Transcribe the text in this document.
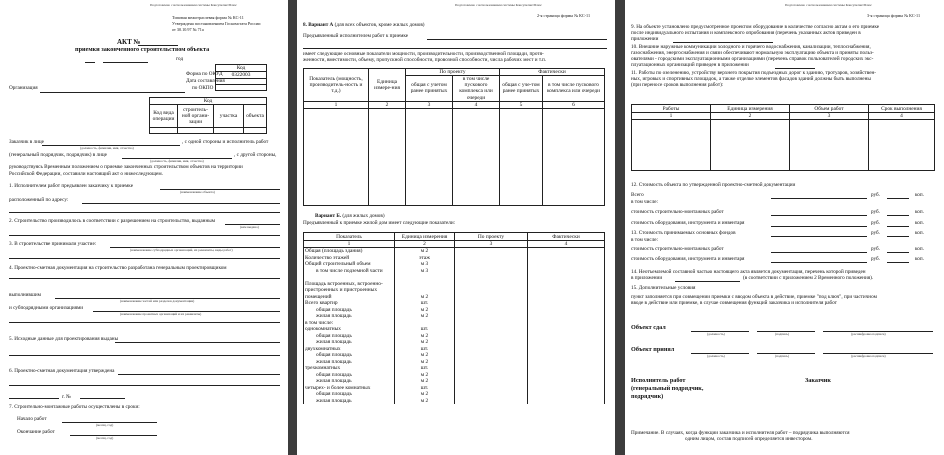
Подготовлено с использованием системы КонсультантПлюс
Типовая межотраслевая форма № КС-11
Утверждена постановлением Госкомстата России
от 30.10.97 № 71а
АКТ №
приемки законченного строительством объекта
год
Код
0322003

Форма по ОКУД
Дата составления
по ОКПО
Организация
Код			
Код вида операции	строитель-ной органи-зации	участка	объекта

Заказчик в лице
(должность, фамилия, имя, отчество)
, с одной стороны и исполнитель работ
(генеральный подрядчик, подрядчик) в лице
(должность, фамилия, имя, отчество)
, с другой стороны,
руководствуясь Временным положением о приемке законченных строительством объектов на территории
Российской Федерации, составили настоящий акт о нижеследующем.
1. Исполнителем работ предъявлен заказчику к приемке
(наименование объекта)
расположенный по адресу:
2. Строительство производилось в соответствии с разрешением на строительство, выданным
(кем выдано)
3. В строительстве принимали участие:
(наименование субподрядных организаций, их реквизиты, виды работ)
4. Проектно-сметная документация на строительство разработана генеральным проектировщиком
выполнившим
(наименование частей или разделов документации)
и субподрядными организациями
(наименование проектных организаций и их реквизиты)
5. Исходные данные для проектирования выданы
6. Проектно-сметная документация утверждена
г. №
7. Строительно-монтажные работы осуществлены в сроки:
Начало работ
(месяц, год)
Окончание работ
(месяц, год)
Подготовлено с использованием системы КонсультантПлюс
2-я страница формы № КС-11
8. Вариант А (для всех объектов, кроме жилых домов)
Предъявленный исполнителем работ к приемке
имеет следующие основные показатели мощности, производительности, производственной площади, протя-
женности, вместимости, объему, пропускной способности, провозной способности, числа рабочих мест и т.п.
Показатель (мощность, производитель-ность и т.д.)	Единица измере-ния	По проекту		Фактически	
		общая с учетом ранее принятых	в том числе пускового комплекса или очереди	общая с уче-том ранее принятых	в том числе пускового комплекса или очереди
1	2	3	4	5	6

Вариант Б. (для жилых домов)
Предъявленный к приемке жилой дом имеет следующие показатели:
Показатель	Единица измерения	По проекту	Фактически
1	2	3	4
Общая (площадь здания)	м 2		
Количество этажей	этаж		
Общий строительный объем	м 3		
в том числе подземной части	м 3		

Площадь встроенных, встроенно-			
пристроенных и пристроенных			
помещений	м 2		
Всего квартир	шт.		
общая площадь	м 2		
жилая площадь	м 2		
в том числе:			
однокомнатных	шт.		
общая площадь	м 2		
жилая площадь	м 2		
двухкомнатных	шт.		
общая площадь	м 2		
жилая площадь	м 2		
трехкомнатных	шт.		
общая площадь	м 2		
жилая площадь	м 2		
четырех- и более комнатных	шт.		
общая площадь	м 2		
жилая площадь	м 2		
Подготовлено с использованием системы КонсультантПлюс
3-я страница формы № КС-11
9. На объекте установлено предусмотренное проектом оборудование в количестве согласно актам о его приемке
после индивидуального испытания и комплексного опробования (перечень указанных актов приведен в
приложении
10. Внешние наружные коммуникации холодного и горячего водоснабжения, канализации, теплоснабжения,
газоснабжения, энергоснабжения и связи обеспечивают нормальную эксплуатацию объекта и приняты польз-
ователями - городскими эксплуатационными организациями (перечень справок пользователей городских экс-
плуатационных организаций приведен в приложении
11. Работы по озеленению, устройству верхнего покрытия подъездных дорог к зданию, тротуаров, хозяйствен-
ных, игровых и спортивных площадок, а также отделке элементов фасадов зданий должны быть выполнены
(при переносе сроков выполнения работ):
Работы	Единица измерения	Объем работ	Срок выполнения
1	2	3	4

12. Стоимость объекта по утвержденной проектно-сметной документации
Всего	руб.	коп.
в том числе:
стоимость строительно-монтажных работ	руб.	коп.
стоимость оборудования, инструмента и инвентаря	руб.	коп.
13. Стоимость принимаемых основных фондов	руб.	коп.
в том числе:
стоимость строительно-монтажных работ	руб.	коп.
стоимость оборудования, инструмента и инвентаря	руб.	коп.
14. Неотъемлемой составной частью настоящего акта является документация, перечень которой приведен
в приложении	(в соответствии с приложением 2 Временного положения).
15. Дополнительные условия
пункт заполняется при совмещении приемки с вводом объекта в действие, приемке "под ключ", при частичном
вводе в действие или приемке, в случае совмещения функций заказчика и исполнителя работ
Объект сдал
(должность)	(подпись)	(расшифровка подписи)
Объект принял
(должность)	(подпись)	(расшифровка подписи)
Исполнитель работ
(генеральный подрядчик,
подрядчик)
Заказчик
Примечание. В случаях, когда функции заказчика и исполнителя работ – подрядчика выполняются
одним лицом, состав подписей определяется инвестором.
